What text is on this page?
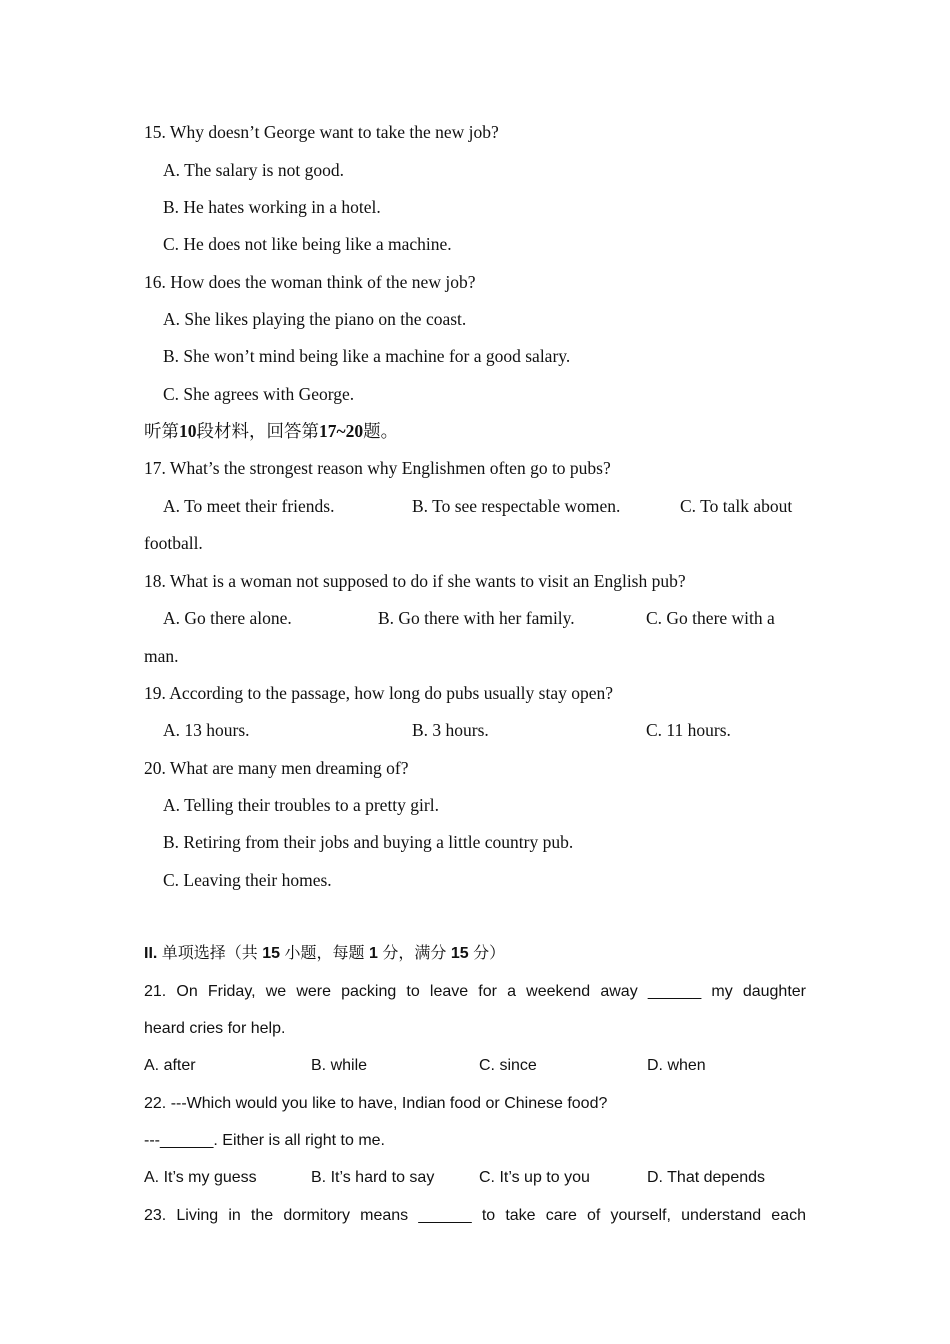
15. Why doesn’t George want to take the new job?
A. The salary is not good.
B. He hates working in a hotel.
C. He does not like being like a machine.
16. How does the woman think of the new job?
A. She likes playing the piano on the coast.
B. She won’t mind being like a machine for a good salary.
C. She agrees with George.
听第10段材料，回答第17~20题。
17. What’s the strongest reason why Englishmen often go to pubs?
A. To meet their friends.	B. To see respectable women.	C. To talk about
football.
18. What is a woman not supposed to do if she wants to visit an English pub?
A. Go there alone.	B. Go there with her family.	C. Go there with a
man.
19. According to the passage, how long do pubs usually stay open?
A. 13 hours.	B. 3 hours.	C. 11 hours.
20. What are many men dreaming of?
A. Telling their troubles to a pretty girl.
B. Retiring from their jobs and buying a little country pub.
C. Leaving their homes.
II. 单项选择（共 15 小题，每题 1 分，满分 15 分）
21. On Friday, we were packing to leave for a weekend away ______ my daughter
heard cries for help.
A. after	B. while	C. since	D. when
22. ---Which would you like to have, Indian food or Chinese food?
---______. Either is all right to me.
A. It’s my guess	B. It’s hard to say	C. It’s up to you	D. That depends
23. Living in the dormitory means ______ to take care of yourself, understand each
